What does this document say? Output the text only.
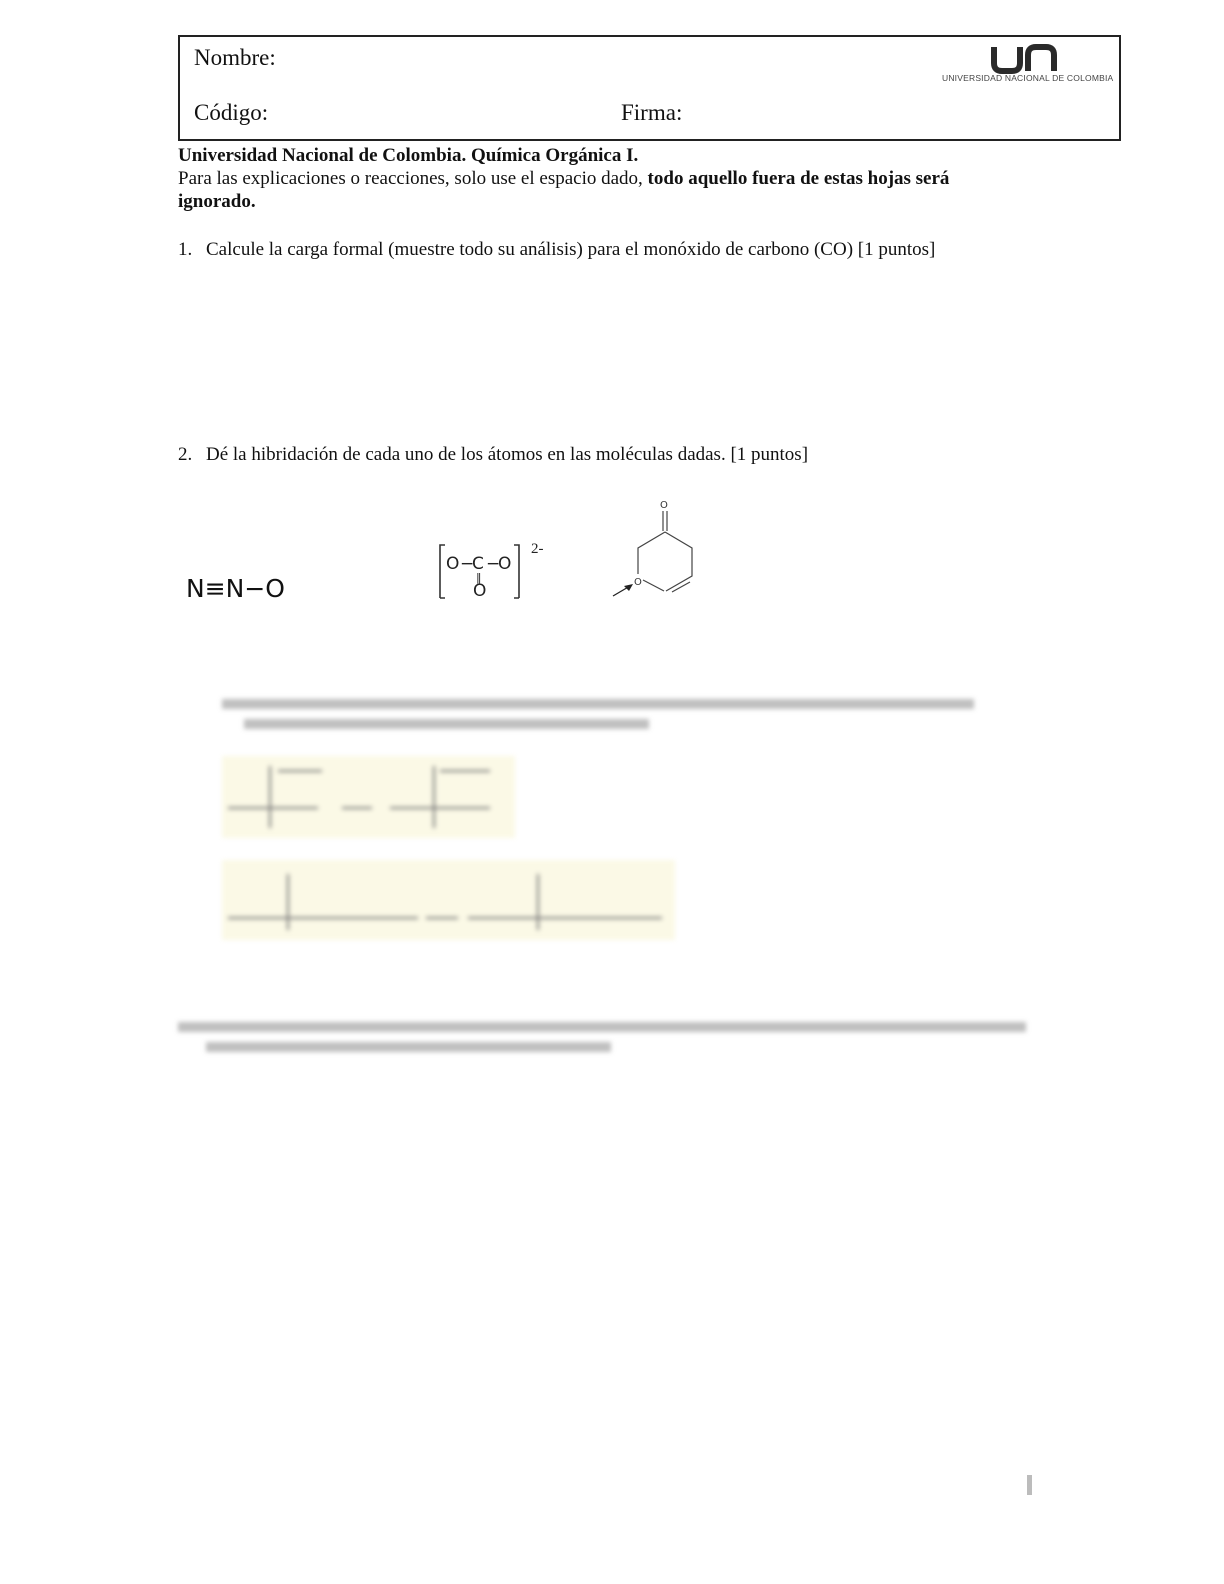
Nombre:
Código:	Firma:
UNIVERSIDAD NACIONAL DE COLOMBIA
Universidad Nacional de Colombia. Química Orgánica I.
Para las explicaciones o reacciones, solo use el espacio dado, todo aquello fuera de estas hojas será ignorado.
1. Calcule la carga formal (muestre todo su análisis) para el monóxido de carbono (CO) [1 puntos]
2. Dé la hibridación de cada uno de los átomos en las moléculas dadas. [1 puntos]
N≡N−O
O −
C −
O
‖
O
2-
O
O
